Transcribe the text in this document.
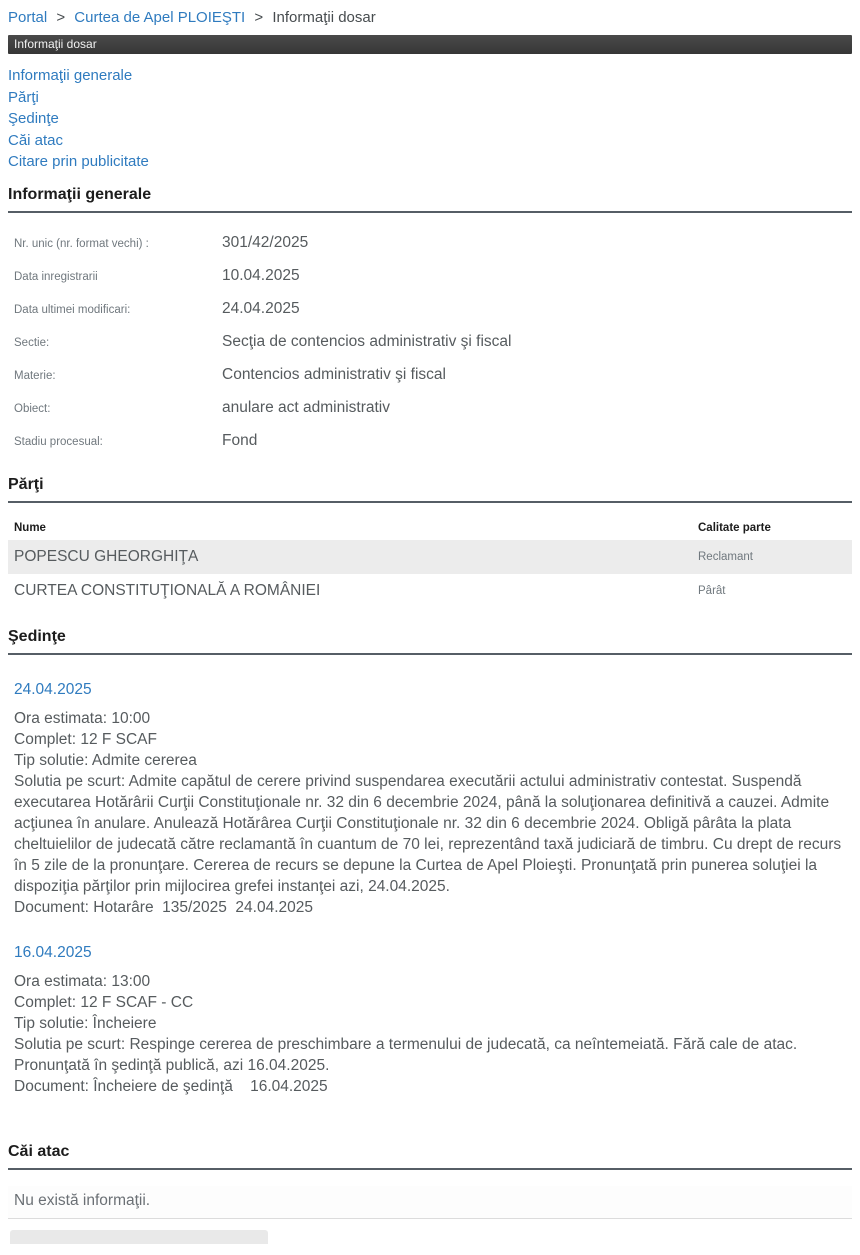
Portal > Curtea de Apel PLOIEŞTI > Informaţii dosar
Informaţii dosar
Informaţii generale
Părţi
Şedinţe
Căi atac
Citare prin publicitate
Informaţii generale
Nr. unic (nr. format vechi) :	301/42/2025
Data inregistrarii	10.04.2025
Data ultimei modificari:	24.04.2025
Sectie:	Secţia de contencios administrativ şi fiscal
Materie:	Contencios administrativ şi fiscal
Obiect:	anulare act administrativ
Stadiu procesual:	Fond
Părţi
Nume	Calitate parte
POPESCU GHEORGHIŢA	Reclamant
CURTEA CONSTITUŢIONALĂ A ROMÂNIEI	Pârât
Şedinţe
24.04.2025
Ora estimata: 10:00
Complet: 12 F SCAF
Tip solutie: Admite cererea
Solutia pe scurt: Admite capătul de cerere privind suspendarea executării actului administrativ contestat. Suspendă executarea Hotărârii Curţii Constituţionale nr. 32 din 6 decembrie 2024, până la soluţionarea definitivă a cauzei. Admite acţiunea în anulare. Anulează Hotărârea Curţii Constituţionale nr. 32 din 6 decembrie 2024. Obligă pârâta la plata cheltuielilor de judecată către reclamantă în cuantum de 70 lei, reprezentând taxă judiciară de timbru. Cu drept de recurs în 5 zile de la pronunţare. Cererea de recurs se depune la Curtea de Apel Ploieşti. Pronunţată prin punerea soluţiei la dispoziţia părţilor prin mijlocirea grefei instanţei azi, 24.04.2025.
Document: Hotarâre  135/2025  24.04.2025
16.04.2025
Ora estimata: 13:00
Complet: 12 F SCAF - CC
Tip solutie: Încheiere
Solutia pe scurt: Respinge cererea de preschimbare a termenului de judecată, ca neîntemeiată. Fără cale de atac. Pronunţată în şedinţă publică, azi 16.04.2025.
Document: Încheiere de şedinţă    16.04.2025
Căi atac
Nu există informaţii.
